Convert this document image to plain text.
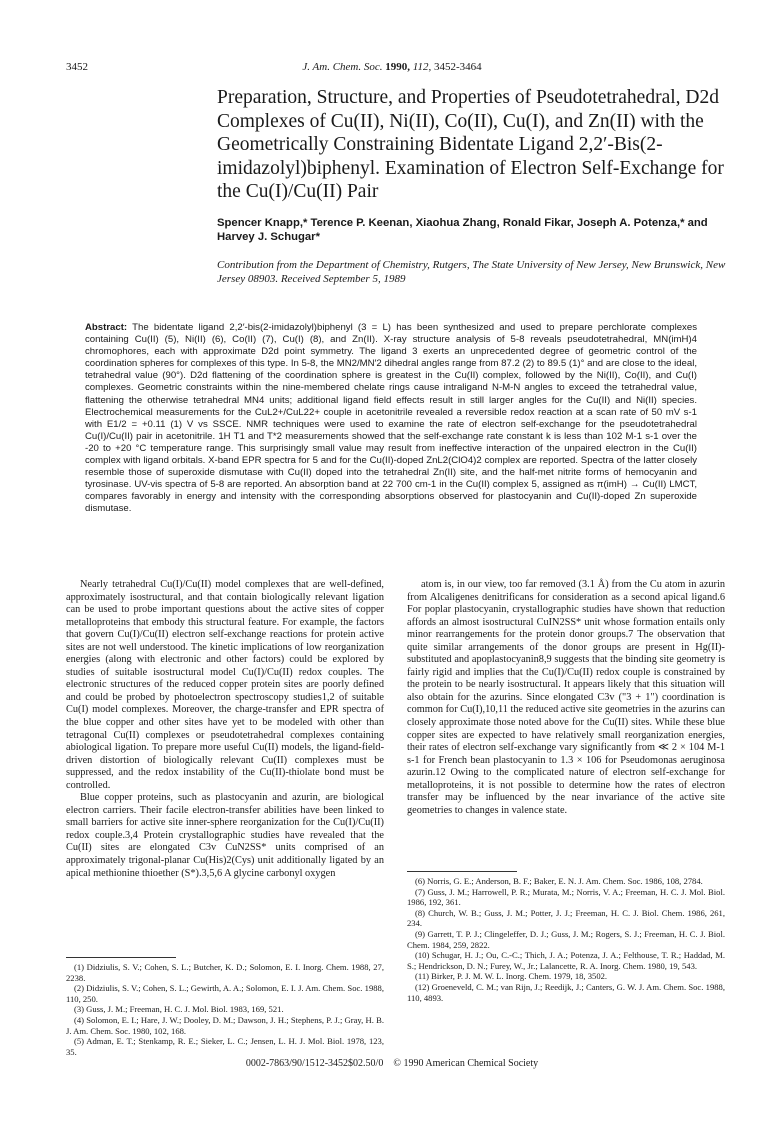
3452	J. Am. Chem. Soc. 1990, 112, 3452-3464
Preparation, Structure, and Properties of Pseudotetrahedral, D2d Complexes of Cu(II), Ni(II), Co(II), Cu(I), and Zn(II) with the Geometrically Constraining Bidentate Ligand 2,2′-Bis(2-imidazolyl)biphenyl. Examination of Electron Self-Exchange for the Cu(I)/Cu(II) Pair
Spencer Knapp,* Terence P. Keenan, Xiaohua Zhang, Ronald Fikar, Joseph A. Potenza,* and Harvey J. Schugar*
Contribution from the Department of Chemistry, Rutgers, The State University of New Jersey, New Brunswick, New Jersey 08903. Received September 5, 1989
Abstract: The bidentate ligand 2,2′-bis(2-imidazolyl)biphenyl (3 = L) has been synthesized and used to prepare perchlorate complexes containing Cu(II) (5), Ni(II) (6), Co(II) (7), Cu(I) (8), and Zn(II). X-ray structure analysis of 5-8 reveals pseudotetrahedral, MN(imH)4 chromophores, each with approximate D2d point symmetry. The ligand 3 exerts an unprecedented degree of geometric control of the coordination spheres for complexes of this type. In 5-8, the MN2/MN′2 dihedral angles range from 87.2 (2) to 89.5 (1)° and are close to the ideal, tetrahedral value (90°). D2d flattening of the coordination sphere is greatest in the Cu(II) complex, followed by the Ni(II), Co(II), and Cu(I) complexes. Geometric constraints within the nine-membered chelate rings cause intraligand N-M-N angles to exceed the tetrahedral value, flattening the otherwise tetrahedral MN4 units; additional ligand field effects result in still larger angles for the Cu(II) and Ni(II) species. Electrochemical measurements for the CuL2+/CuL22+ couple in acetonitrile revealed a reversible redox reaction at a scan rate of 50 mV s-1 with E1/2 = +0.11 (1) V vs SSCE. NMR techniques were used to examine the rate of electron self-exchange for the pseudotetrahedral Cu(I)/Cu(II) pair in acetonitrile. 1H T1 and T*2 measurements showed that the self-exchange rate constant k is less than 102 M-1 s-1 over the -20 to +20 °C temperature range. This surprisingly small value may result from ineffective interaction of the unpaired electron in the Cu(II) complex with ligand orbitals. X-band EPR spectra for 5 and for the Cu(II)-doped ZnL2(ClO4)2 complex are reported. Spectra of the latter closely resemble those of superoxide dismutase with Cu(II) doped into the tetrahedral Zn(II) site, and the half-met nitrite forms of hemocyanin and tyrosinase. UV-vis spectra of 5-8 are reported. An absorption band at 22 700 cm-1 in the Cu(II) complex 5, assigned as π(imH) → Cu(II) LMCT, compares favorably in energy and intensity with the corresponding absorptions observed for plastocyanin and Cu(II)-doped Zn superoxide dismutase.

Nearly tetrahedral Cu(I)/Cu(II) model complexes that are well-defined, approximately isostructural, and that contain biologically relevant ligation can be used to probe important questions about the active sites of copper metalloproteins that embody this structural feature. For example, the factors that govern Cu(I)/Cu(II) electron self-exchange reactions for protein active sites are not well understood. The kinetic implications of low reorganization energies (along with electronic and other factors) could be explored by studies of suitable isostructural model Cu(I)/Cu(II) redox couples. The electronic structures of the reduced copper protein sites are poorly defined and could be probed by photoelectron spectroscopy studies1,2 of suitable Cu(I) model complexes. Moreover, the charge-transfer and EPR spectra of the blue copper and other sites have yet to be modeled with other than tetragonal Cu(II) complexes or pseudotetrahedral complexes containing abiological ligation. To prepare more useful Cu(II) models, the ligand-field-driven distortion of biologically relevant Cu(II) complexes must be suppressed, and the redox instability of the Cu(II)-thiolate bond must be controlled.

Blue copper proteins, such as plastocyanin and azurin, are biological electron carriers. Their facile electron-transfer abilities have been linked to small barriers for active site inner-sphere reorganization for the Cu(I)/Cu(II) redox couple.3,4 Protein crystallographic studies have revealed that the Cu(II) sites are elongated C3v CuN2SS* units comprised of an approximately trigonal-planar Cu(His)2(Cys) unit additionally ligated by an apical methionine thioether (S*).3,5,6 A glycine carbonyl oxygen

atom is, in our view, too far removed (3.1 Å) from the Cu atom in azurin from Alcaligenes denitrificans for consideration as a second apical ligand.6 For poplar plastocyanin, crystallographic studies have shown that reduction affords an almost isostructural CuIN2SS* unit whose formation entails only minor rearrangements for the protein donor groups.7 The observation that quite similar arrangements of the donor groups are present in Hg(II)-substituted and apoplastocyanin8,9 suggests that the binding site geometry is fairly rigid and implies that the Cu(I)/Cu(II) redox couple is constrained by the protein to be nearly isostructural. It appears likely that this situation will also obtain for the azurins. Since elongated C3v ("3 + 1") coordination is common for Cu(I),10,11 the reduced active site geometries in the azurins can closely approximate those noted above for the Cu(II) sites. While these blue copper sites are expected to have relatively small reorganization energies, their rates of electron self-exchange vary significantly from ≪ 2 × 104 M-1 s-1 for French bean plastocyanin to 1.3 × 106 for Pseudomonas aeruginosa azurin.12 Owing to the complicated nature of electron self-exchange for metalloproteins, it is not possible to determine how the rates of electron transfer may be influenced by the near invariance of the active site geometries to changes in valence state.

(1) Didziulis, S. V.; Cohen, S. L.; Butcher, K. D.; Solomon, E. I. Inorg. Chem. 1988, 27, 2238.

(2) Didziulis, S. V.; Cohen, S. L.; Gewirth, A. A.; Solomon, E. I. J. Am. Chem. Soc. 1988, 110, 250.

(3) Guss, J. M.; Freeman, H. C. J. Mol. Biol. 1983, 169, 521.

(4) Solomon, E. I.; Hare, J. W.; Dooley, D. M.; Dawson, J. H.; Stephens, P. J.; Gray, H. B. J. Am. Chem. Soc. 1980, 102, 168.

(5) Adman, E. T.; Stenkamp, R. E.; Sieker, L. C.; Jensen, L. H. J. Mol. Biol. 1978, 123, 35.

(6) Norris, G. E.; Anderson, B. F.; Baker, E. N. J. Am. Chem. Soc. 1986, 108, 2784.

(7) Guss, J. M.; Harrowell, P. R.; Murata, M.; Norris, V. A.; Freeman, H. C. J. Mol. Biol. 1986, 192, 361.

(8) Church, W. B.; Guss, J. M.; Potter, J. J.; Freeman, H. C. J. Biol. Chem. 1986, 261, 234.

(9) Garrett, T. P. J.; Clingeleffer, D. J.; Guss, J. M.; Rogers, S. J.; Freeman, H. C. J. Biol. Chem. 1984, 259, 2822.

(10) Schugar, H. J.; Ou, C.-C.; Thich, J. A.; Potenza, J. A.; Felthouse, T. R.; Haddad, M. S.; Hendrickson, D. N.; Furey, W., Jr.; Lalancette, R. A. Inorg. Chem. 1980, 19, 543.

(11) Birker, P. J. M. W. L. Inorg. Chem. 1979, 18, 3502.

(12) Groeneveld, C. M.; van Rijn, J.; Reedijk, J.; Canters, G. W. J. Am. Chem. Soc. 1988, 110, 4893.

0002-7863/90/1512-3452$02.50/0 © 1990 American Chemical Society
